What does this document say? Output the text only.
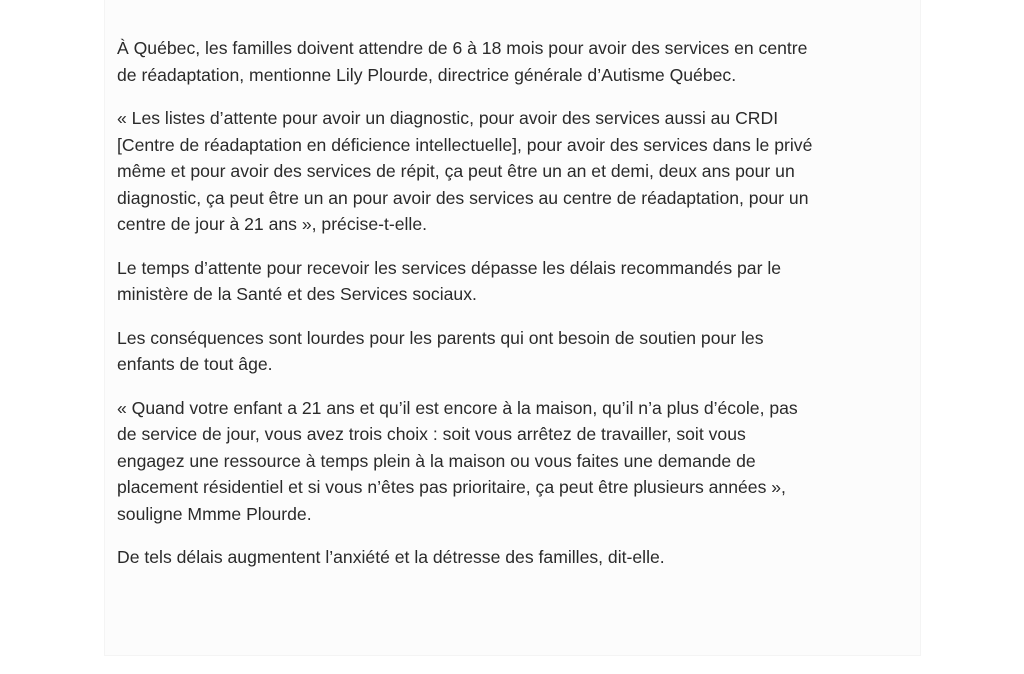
À Québec, les familles doivent attendre de 6 à 18 mois pour avoir des services en centre
de réadaptation, mentionne Lily Plourde, directrice générale d’Autisme Québec.

« Les listes d’attente pour avoir un diagnostic, pour avoir des services aussi au CRDI
[Centre de réadaptation en déficience intellectuelle], pour avoir des services dans le privé
même et pour avoir des services de répit, ça peut être un an et demi, deux ans pour un
diagnostic, ça peut être un an pour avoir des services au centre de réadaptation, pour un
centre de jour à 21 ans », précise-t-elle.

Le temps d’attente pour recevoir les services dépasse les délais recommandés par le
ministère de la Santé et des Services sociaux.

Les conséquences sont lourdes pour les parents qui ont besoin de soutien pour les
enfants de tout âge.

« Quand votre enfant a 21 ans et qu’il est encore à la maison, qu’il n’a plus d’école, pas
de service de jour, vous avez trois choix : soit vous arrêtez de travailler, soit vous
engagez une ressource à temps plein à la maison ou vous faites une demande de
placement résidentiel et si vous n’êtes pas prioritaire, ça peut être plusieurs années »,
souligne Mmme Plourde.

De tels délais augmentent l’anxiété et la détresse des familles, dit-elle.
